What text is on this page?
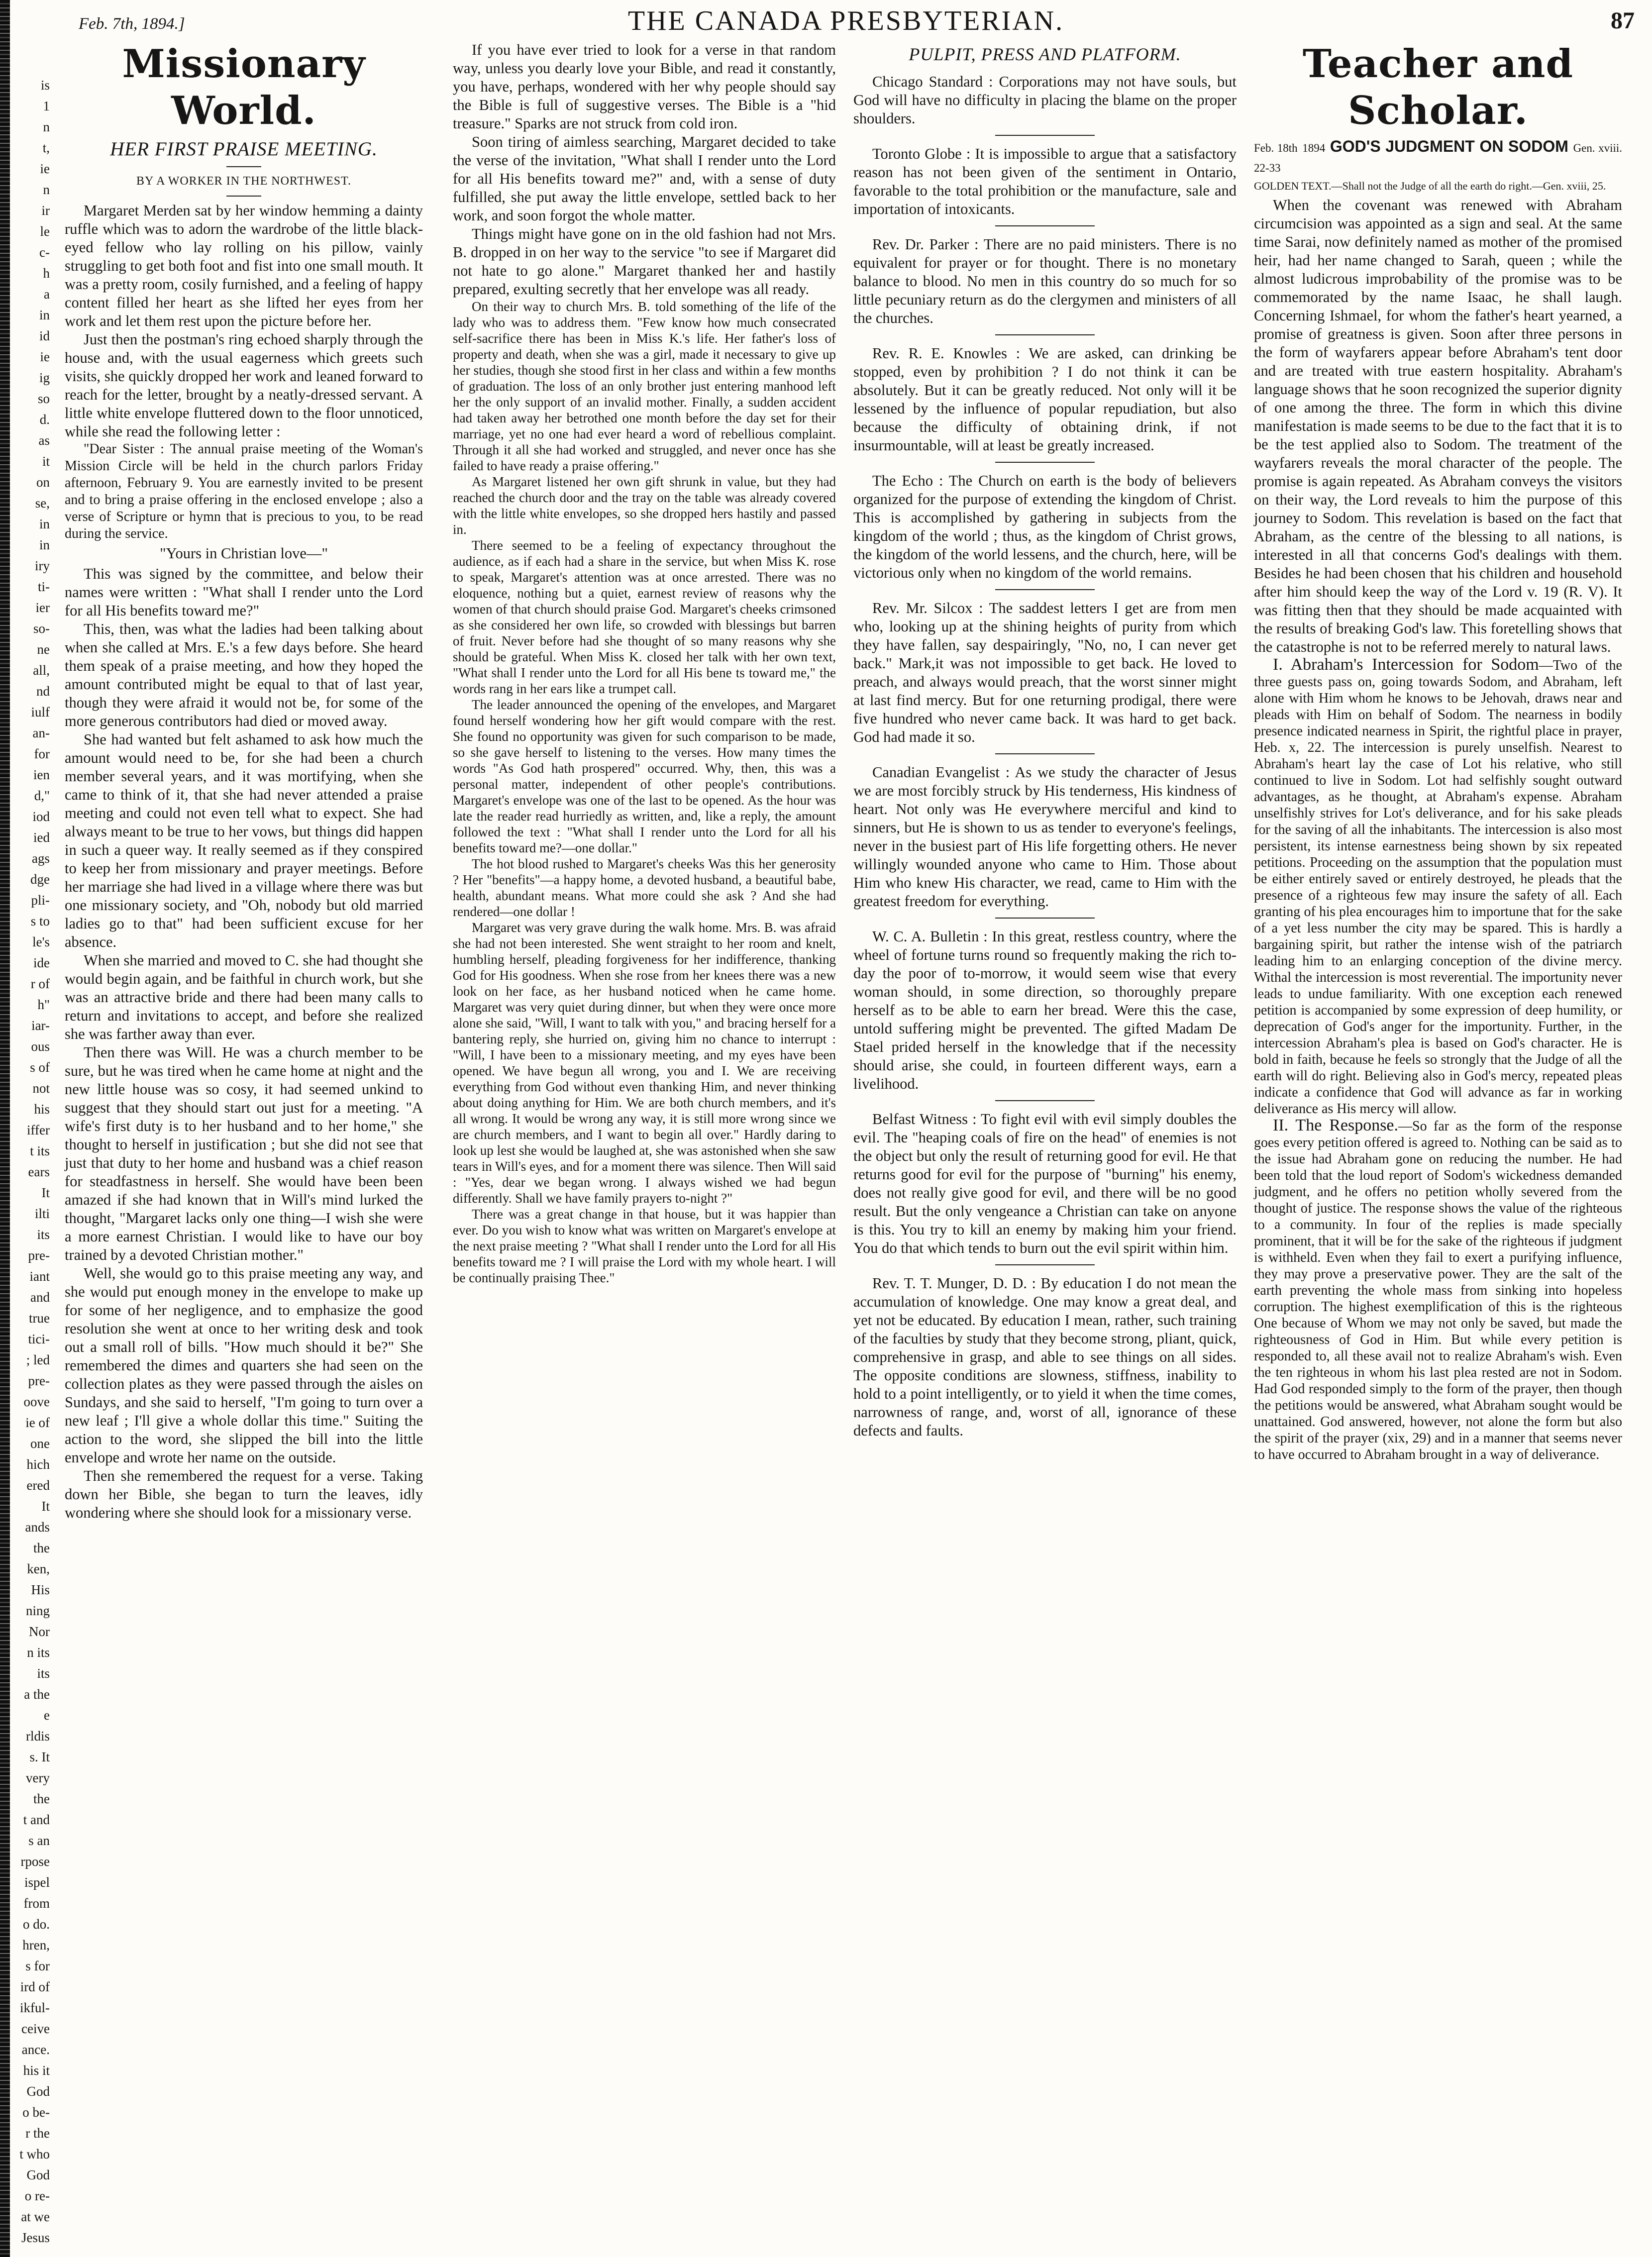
is
1
n
t,
ie
n
ir
le
c-
h
a
in
id
ie
ig
so
d.
as
it
on
se,
in
in
iry
ti-
ier
so-
ne
all,
nd
iulf
an-
for
ien
d,"
iod
ied
ags
dge
pli-
s to
le's
ide
r of
h"
iar-
ous
s of
not
his
iffer
t its
ears
It
ilti
its
pre-
iant
and
true
tici-
; led
pre-
oove
ie of
one
hich
ered
It
ands
the
ken,
His
ning
Nor
n its
its
a the
e
rldis
s. It
very
the
t and
s an
rpose
ispel
from
o do.
hren,
s for
ird of
ikful-
ceive
ance.
his it
God
o be-
r the
t who
God
o re-
at we
Jesus
Feb. 7th, 1894.]	THE CANADA PRESBYTERIAN.	87
Missionary World.
HER FIRST PRAISE MEETING.
BY A WORKER IN THE NORTHWEST.

Margaret Merden sat by her window hemming a dainty ruffle which was to adorn the wardrobe of the little black-eyed fellow who lay rolling on his pillow, vainly struggling to get both foot and fist into one small mouth. It was a pretty room, cosily furnished, and a feeling of happy content filled her heart as she lifted her eyes from her work and let them rest upon the picture before her.

Just then the postman's ring echoed sharply through the house and, with the usual eagerness which greets such visits, she quickly dropped her work and leaned forward to reach for the letter, brought by a neatly-dressed servant. A little white envelope fluttered down to the floor unnoticed, while she read the following letter :

"Dear Sister : The annual praise meeting of the Woman's Mission Circle will be held in the church parlors Friday afternoon, February 9. You are earnestly invited to be present and to bring a praise offering in the enclosed envelope ; also a verse of Scripture or hymn that is precious to you, to be read during the service.

"Yours in Christian love—"

This was signed by the committee, and below their names were written : "What shall I render unto the Lord for all His benefits toward me?"

This, then, was what the ladies had been talking about when she called at Mrs. E.'s a few days before. She heard them speak of a praise meeting, and how they hoped the amount contributed might be equal to that of last year, though they were afraid it would not be, for some of the more generous contributors had died or moved away.

She had wanted but felt ashamed to ask how much the amount would need to be, for she had been a church member several years, and it was mortifying, when she came to think of it, that she had never attended a praise meeting and could not even tell what to expect. She had always meant to be true to her vows, but things did happen in such a queer way. It really seemed as if they conspired to keep her from missionary and prayer meetings. Before her marriage she had lived in a village where there was but one missionary society, and "Oh, nobody but old married ladies go to that" had been sufficient excuse for her absence.

When she married and moved to C. she had thought she would begin again, and be faithful in church work, but she was an attractive bride and there had been many calls to return and invitations to accept, and before she realized she was farther away than ever.

Then there was Will. He was a church member to be sure, but he was tired when he came home at night and the new little house was so cosy, it had seemed unkind to suggest that they should start out just for a meeting. "A wife's first duty is to her husband and to her home," she thought to herself in justification ; but she did not see that just that duty to her home and husband was a chief reason for steadfastness in herself. She would have been been amazed if she had known that in Will's mind lurked the thought, "Margaret lacks only one thing—I wish she were a more earnest Christian. I would like to have our boy trained by a devoted Christian mother."

Well, she would go to this praise meeting any way, and she would put enough money in the envelope to make up for some of her negligence, and to emphasize the good resolution she went at once to her writing desk and took out a small roll of bills. "How much should it be?" She remembered the dimes and quarters she had seen on the collection plates as they were passed through the aisles on Sundays, and she said to herself, "I'm going to turn over a new leaf ; I'll give a whole dollar this time." Suiting the action to the word, she slipped the bill into the little envelope and wrote her name on the outside.

Then she remembered the request for a verse. Taking down her Bible, she began to turn the leaves, idly wondering where she should look for a missionary verse.

If you have ever tried to look for a verse in that random way, unless you dearly love your Bible, and read it constantly, you have, perhaps, wondered with her why people should say the Bible is full of suggestive verses. The Bible is a "hid treasure." Sparks are not struck from cold iron.

Soon tiring of aimless searching, Margaret decided to take the verse of the invitation, "What shall I render unto the Lord for all His benefits toward me?" and, with a sense of duty fulfilled, she put away the little envelope, settled back to her work, and soon forgot the whole matter.

Things might have gone on in the old fashion had not Mrs. B. dropped in on her way to the service "to see if Margaret did not hate to go alone." Margaret thanked her and hastily prepared, exulting secretly that her envelope was all ready.

On their way to church Mrs. B. told something of the life of the lady who was to address them. "Few know how much consecrated self-sacrifice there has been in Miss K.'s life. Her father's loss of property and death, when she was a girl, made it necessary to give up her studies, though she stood first in her class and within a few months of graduation. The loss of an only brother just entering manhood left her the only support of an invalid mother. Finally, a sudden accident had taken away her betrothed one month before the day set for their marriage, yet no one had ever heard a word of rebellious complaint. Through it all she had worked and struggled, and never once has she failed to have ready a praise offering."

As Margaret listened her own gift shrunk in value, but they had reached the church door and the tray on the table was already covered with the little white envelopes, so she dropped hers hastily and passed in.

There seemed to be a feeling of expectancy throughout the audience, as if each had a share in the service, but when Miss K. rose to speak, Margaret's attention was at once arrested. There was no eloquence, nothing but a quiet, earnest review of reasons why the women of that church should praise God. Margaret's cheeks crimsoned as she considered her own life, so crowded with blessings but barren of fruit. Never before had she thought of so many reasons why she should be grateful. When Miss K. closed her talk with her own text, "What shall I render unto the Lord for all His bene ts toward me," the words rang in her ears like a trumpet call.

The leader announced the opening of the envelopes, and Margaret found herself wondering how her gift would compare with the rest. She found no opportunity was given for such comparison to be made, so she gave herself to listening to the verses. How many times the words "As God hath prospered" occurred. Why, then, this was a personal matter, independent of other people's contributions. Margaret's envelope was one of the last to be opened. As the hour was late the reader read hurriedly as written, and, like a reply, the amount followed the text : "What shall I render unto the Lord for all his benefits toward me?—one dollar."

The hot blood rushed to Margaret's cheeks Was this her generosity ? Her "benefits"—a happy home, a devoted husband, a beautiful babe, health, abundant means. What more could she ask ? And she had rendered—one dollar !

Margaret was very grave during the walk home. Mrs. B. was afraid she had not been interested. She went straight to her room and knelt, humbling herself, pleading forgiveness for her indifference, thanking God for His goodness. When she rose from her knees there was a new look on her face, as her husband noticed when he came home. Margaret was very quiet during dinner, but when they were once more alone she said, "Will, I want to talk with you," and bracing herself for a bantering reply, she hurried on, giving him no chance to interrupt : "Will, I have been to a missionary meeting, and my eyes have been opened. We have begun all wrong, you and I. We are receiving everything from God without even thanking Him, and never thinking about doing anything for Him. We are both church members, and it's all wrong. It would be wrong any way, it is still more wrong since we are church members, and I want to begin all over." Hardly daring to look up lest she would be laughed at, she was astonished when she saw tears in Will's eyes, and for a moment there was silence. Then Will said : "Yes, dear we began wrong. I always wished we had begun differently. Shall we have family prayers to-night ?"

There was a great change in that house, but it was happier than ever. Do you wish to know what was written on Margaret's envelope at the next praise meeting ? "What shall I render unto the Lord for all His benefits toward me ? I will praise the Lord with my whole heart. I will be continually praising Thee."

PULPIT, PRESS AND PLATFORM.

Chicago Standard : Corporations may not have souls, but God will have no difficulty in placing the blame on the proper shoulders.

Toronto Globe : It is impossible to argue that a satisfactory reason has not been given of the sentiment in Ontario, favorable to the total prohibition or the manufacture, sale and importation of intoxicants.

Rev. Dr. Parker : There are no paid ministers. There is no equivalent for prayer or for thought. There is no monetary balance to blood. No men in this country do so much for so little pecuniary return as do the clergymen and ministers of all the churches.

Rev. R. E. Knowles : We are asked, can drinking be stopped, even by prohibition ? I do not think it can be absolutely. But it can be greatly reduced. Not only will it be lessened by the influence of popular repudiation, but also because the difficulty of obtaining drink, if not insurmountable, will at least be greatly increased.

The Echo : The Church on earth is the body of believers organized for the purpose of extending the kingdom of Christ. This is accomplished by gathering in subjects from the kingdom of the world ; thus, as the kingdom of Christ grows, the kingdom of the world lessens, and the church, here, will be victorious only when no kingdom of the world remains.

Rev. Mr. Silcox : The saddest letters I get are from men who, looking up at the shining heights of purity from which they have fallen, say despairingly, "No, no, I can never get back." Mark,it was not impossible to get back. He loved to preach, and always would preach, that the worst sinner might at last find mercy. But for one returning prodigal, there were five hundred who never came back. It was hard to get back. God had made it so.

Canadian Evangelist : As we study the character of Jesus we are most forcibly struck by His tenderness, His kindness of heart. Not only was He everywhere merciful and kind to sinners, but He is shown to us as tender to everyone's feelings, never in the busiest part of His life forgetting others. He never willingly wounded anyone who came to Him. Those about Him who knew His character, we read, came to Him with the greatest freedom for everything.

W. C. A. Bulletin : In this great, restless country, where the wheel of fortune turns round so frequently making the rich to-day the poor of to-morrow, it would seem wise that every woman should, in some direction, so thoroughly prepare herself as to be able to earn her bread. Were this the case, untold suffering might be prevented. The gifted Madam De Stael prided herself in the knowledge that if the necessity should arise, she could, in fourteen different ways, earn a livelihood.

Belfast Witness : To fight evil with evil simply doubles the evil. The "heaping coals of fire on the head" of enemies is not the object but only the result of returning good for evil. He that returns good for evil for the purpose of "burning" his enemy, does not really give good for evil, and there will be no good result. But the only vengeance a Christian can take on anyone is this. You try to kill an enemy by making him your friend. You do that which tends to burn out the evil spirit within him.

Rev. T. T. Munger, D. D. : By education I do not mean the accumulation of knowledge. One may know a great deal, and yet not be educated. By education I mean, rather, such training of the faculties by study that they become strong, pliant, quick, comprehensive in grasp, and able to see things on all sides. The opposite conditions are slowness, stiffness, inability to hold to a point intelligently, or to yield it when the time comes, narrowness of range, and, worst of all, ignorance of these defects and faults.

Teacher and Scholar.
Feb. 18th 1894 GOD'S JUDGMENT ON SODOM Gen. xviii. 22-33
GOLDEN TEXT.—Shall not the Judge of all the earth do right.—Gen. xviii, 25.

When the covenant was renewed with Abraham circumcision was appointed as a sign and seal. At the same time Sarai, now definitely named as mother of the promised heir, had her name changed to Sarah, queen ; while the almost ludicrous improbability of the promise was to be commemorated by the name Isaac, he shall laugh. Concerning Ishmael, for whom the father's heart yearned, a promise of greatness is given. Soon after three persons in the form of wayfarers appear before Abraham's tent door and are treated with true eastern hospitality. Abraham's language shows that he soon recognized the superior dignity of one among the three. The form in which this divine manifestation is made seems to be due to the fact that it is to be the test applied also to Sodom. The treatment of the wayfarers reveals the moral character of the people. The promise is again repeated. As Abraham conveys the visitors on their way, the Lord reveals to him the purpose of this journey to Sodom. This revelation is based on the fact that Abraham, as the centre of the blessing to all nations, is interested in all that concerns God's dealings with them. Besides he had been chosen that his children and household after him should keep the way of the Lord v. 19 (R. V). It was fitting then that they should be made acquainted with the results of breaking God's law. This foretelling shows that the catastrophe is not to be referred merely to natural laws.

I. Abraham's Intercession for Sodom—Two of the three guests pass on, going towards Sodom, and Abraham, left alone with Him whom he knows to be Jehovah, draws near and pleads with Him on behalf of Sodom. The nearness in bodily presence indicated nearness in Spirit, the rightful place in prayer, Heb. x, 22. The intercession is purely unselfish. Nearest to Abraham's heart lay the case of Lot his relative, who still continued to live in Sodom. Lot had selfishly sought outward advantages, as he thought, at Abraham's expense. Abraham unselfishly strives for Lot's deliverance, and for his sake pleads for the saving of all the inhabitants. The intercession is also most persistent, its intense earnestness being shown by six repeated petitions. Proceeding on the assumption that the population must be either entirely saved or entirely destroyed, he pleads that the presence of a righteous few may insure the safety of all. Each granting of his plea encourages him to importune that for the sake of a yet less number the city may be spared. This is hardly a bargaining spirit, but rather the intense wish of the patriarch leading him to an enlarging conception of the divine mercy. Withal the intercession is most reverential. The importunity never leads to undue familiarity. With one exception each renewed petition is accompanied by some expression of deep humility, or deprecation of God's anger for the importunity. Further, in the intercession Abraham's plea is based on God's character. He is bold in faith, because he feels so strongly that the Judge of all the earth will do right. Believing also in God's mercy, repeated pleas indicate a confidence that God will advance as far in working deliverance as His mercy will allow.

II. The Response.—So far as the form of the response goes every petition offered is agreed to. Nothing can be said as to the issue had Abraham gone on reducing the number. He had been told that the loud report of Sodom's wickedness demanded judgment, and he offers no petition wholly severed from the thought of justice. The response shows the value of the righteous to a community. In four of the replies is made specially prominent, that it will be for the sake of the righteous if judgment is withheld. Even when they fail to exert a purifying influence, they may prove a preservative power. They are the salt of the earth preventing the whole mass from sinking into hopeless corruption. The highest exemplification of this is the righteous One because of Whom we may not only be saved, but made the righteousness of God in Him. But while every petition is responded to, all these avail not to realize Abraham's wish. Even the ten righteous in whom his last plea rested are not in Sodom. Had God responded simply to the form of the prayer, then though the petitions would be answered, what Abraham sought would be unattained. God answered, however, not alone the form but also the spirit of the prayer (xix, 29) and in a manner that seems never to have occurred to Abraham brought in a way of deliverance.
